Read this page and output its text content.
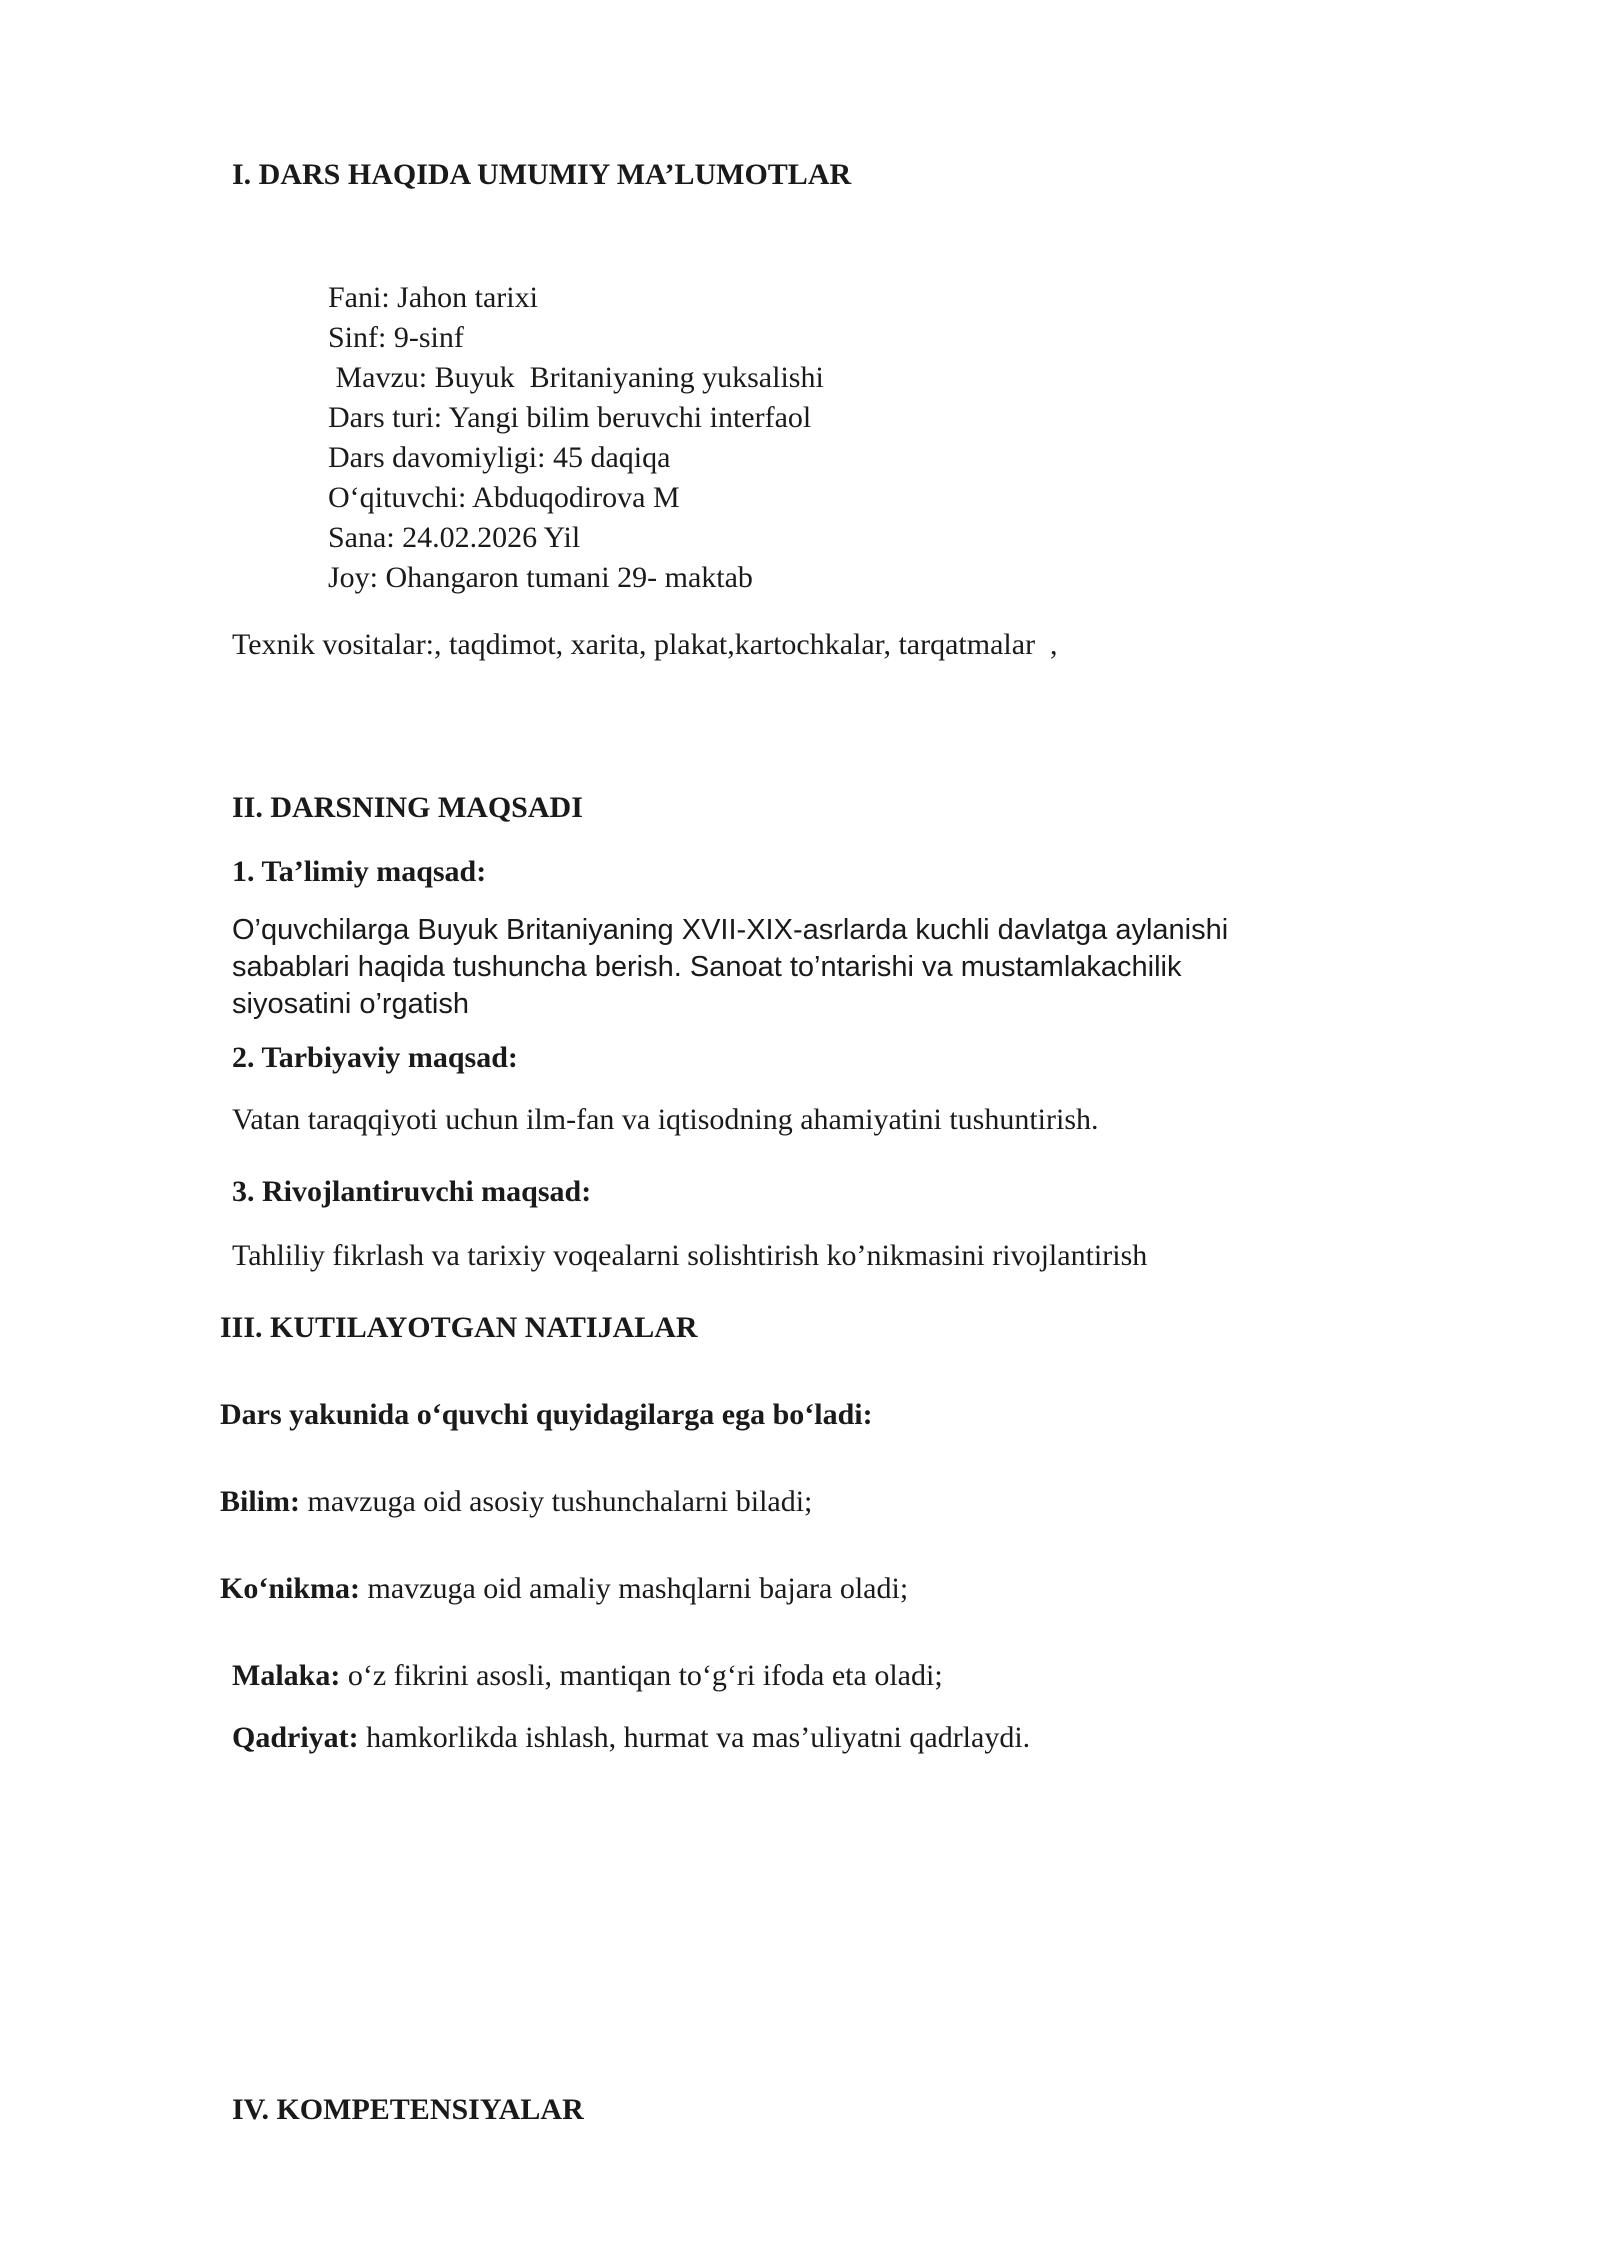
I. DARS HAQIDA UMUMIY MA’LUMOTLAR
Fani: Jahon tarixi
Sinf: 9-sinf
Mavzu: Buyuk  Britaniyaning yuksalishi
Dars turi: Yangi bilim beruvchi interfaol
Dars davomiyligi: 45 daqiqa
O‘qituvchi: Abduqodirova M
Sana: 24.02.2026 Yil
Joy: Ohangaron tumani 29- maktab
Texnik vositalar:, taqdimot, xarita, plakat,kartochkalar, tarqatmalar  ,
II. DARSNING MAQSADI
1. Ta’limiy maqsad:
O’quvchilarga Buyuk Britaniyaning XVII-XIX-asrlarda kuchli davlatga aylanishi sabablari haqida tushuncha berish. Sanoat to’ntarishi va mustamlakachilik siyosatini o’rgatish
2. Tarbiyaviy maqsad:
Vatan taraqqiyoti uchun ilm-fan va iqtisodning ahamiyatini tushuntirish.
3. Rivojlantiruvchi maqsad:
Tahliliy fikrlash va tarixiy voqealarni solishtirish ko’nikmasini rivojlantirish
III. KUTILAYOTGAN NATIJALAR
Dars yakunida o‘quvchi quyidagilarga ega bo‘ladi:
Bilim: mavzuga oid asosiy tushunchalarni biladi;
Ko‘nikma: mavzuga oid amaliy mashqlarni bajara oladi;
Malaka: o‘z fikrini asosli, mantiqan to‘g‘ri ifoda eta oladi;
Qadriyat: hamkorlikda ishlash, hurmat va mas’uliyatni qadrlaydi.
IV. KOMPETENSIYALAR
